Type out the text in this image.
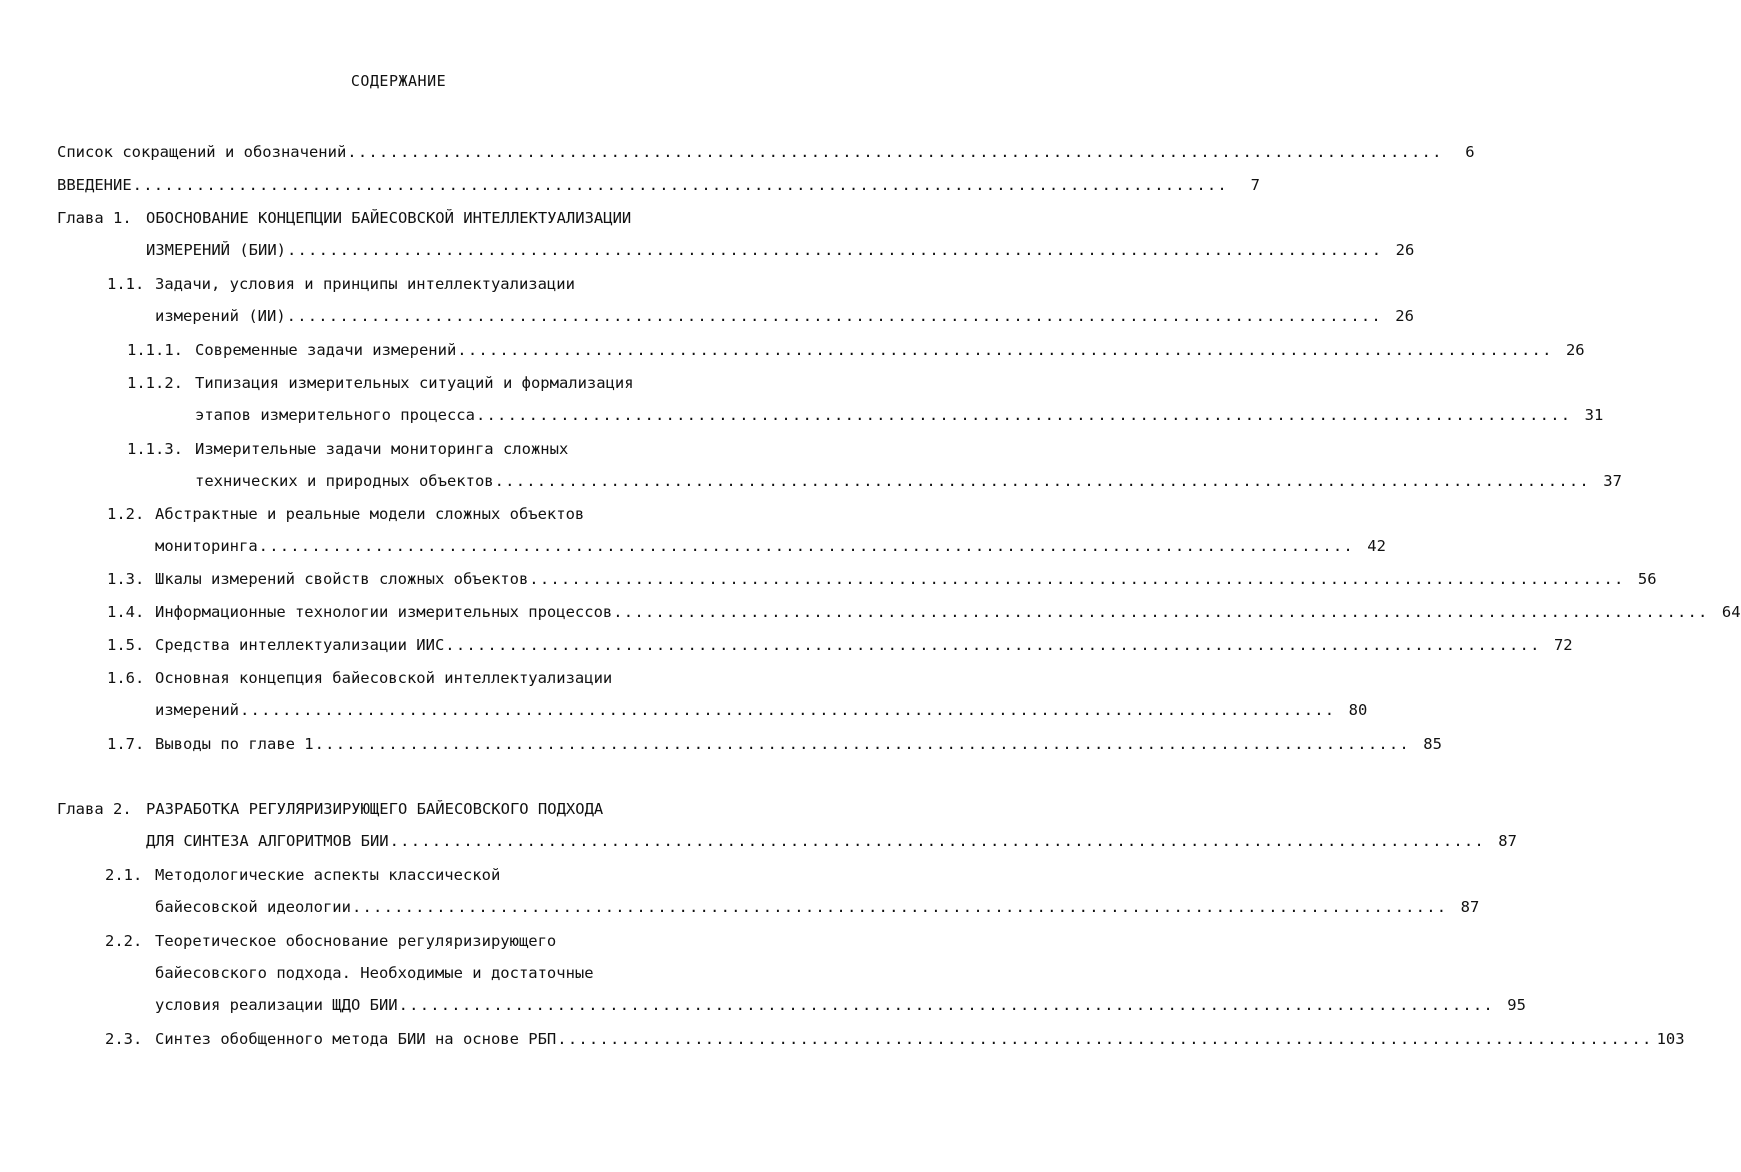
СОДЕРЖАНИЕ
Список сокращений и обозначений ........................................................................................................	6
ВВЕДЕНИЕ ........................................................................................................	7
Глава 1. ОБОСНОВАНИЕ КОНЦЕПЦИИ БАЙЕСОВСКОЙ ИНТЕЛЛЕКТУАЛИЗАЦИИ
ИЗМЕРЕНИЙ (БИИ) ........................................................................................................ 26
1.1. Задачи, условия и принципы интеллектуализации
измерений (ИИ) ........................................................................................................ 26
1.1.1. Современные задачи измерений ........................................................................................................ 26
1.1.2. Типизация измерительных ситуаций и формализация
этапов измерительного процесса ........................................................................................................ 31
1.1.3. Измерительные задачи мониторинга сложных
технических и природных объектов ........................................................................................................ 37
1.2. Абстрактные и реальные модели сложных объектов
мониторинга ........................................................................................................ 42
1.3. Шкалы измерений свойств сложных объектов ........................................................................................................ 56
1.4. Информационные технологии измерительных процессов ........................................................................................................ 64
1.5. Средства интеллектуализации ИИС ........................................................................................................ 72
1.6. Основная концепция байесовской интеллектуализации
измерений ........................................................................................................ 80
1.7. Выводы по главе 1 ........................................................................................................ 85
Глава 2. РАЗРАБОТКА РЕГУЛЯРИЗИРУЮЩЕГО БАЙЕСОВСКОГО ПОДХОДА
ДЛЯ СИНТЕЗА АЛГОРИТМОВ БИИ ........................................................................................................ 87
2.1. Методологические аспекты классической
байесовской идеологии ........................................................................................................ 87
2.2. Теоретическое обоснование регуляризирующего
байесовского подхода. Необходимые и достаточные
условия реализации ЩДО БИИ ........................................................................................................ 95
2.3. Синтез обобщенного метода БИИ на основе РБП ........................................................................................................ 103
